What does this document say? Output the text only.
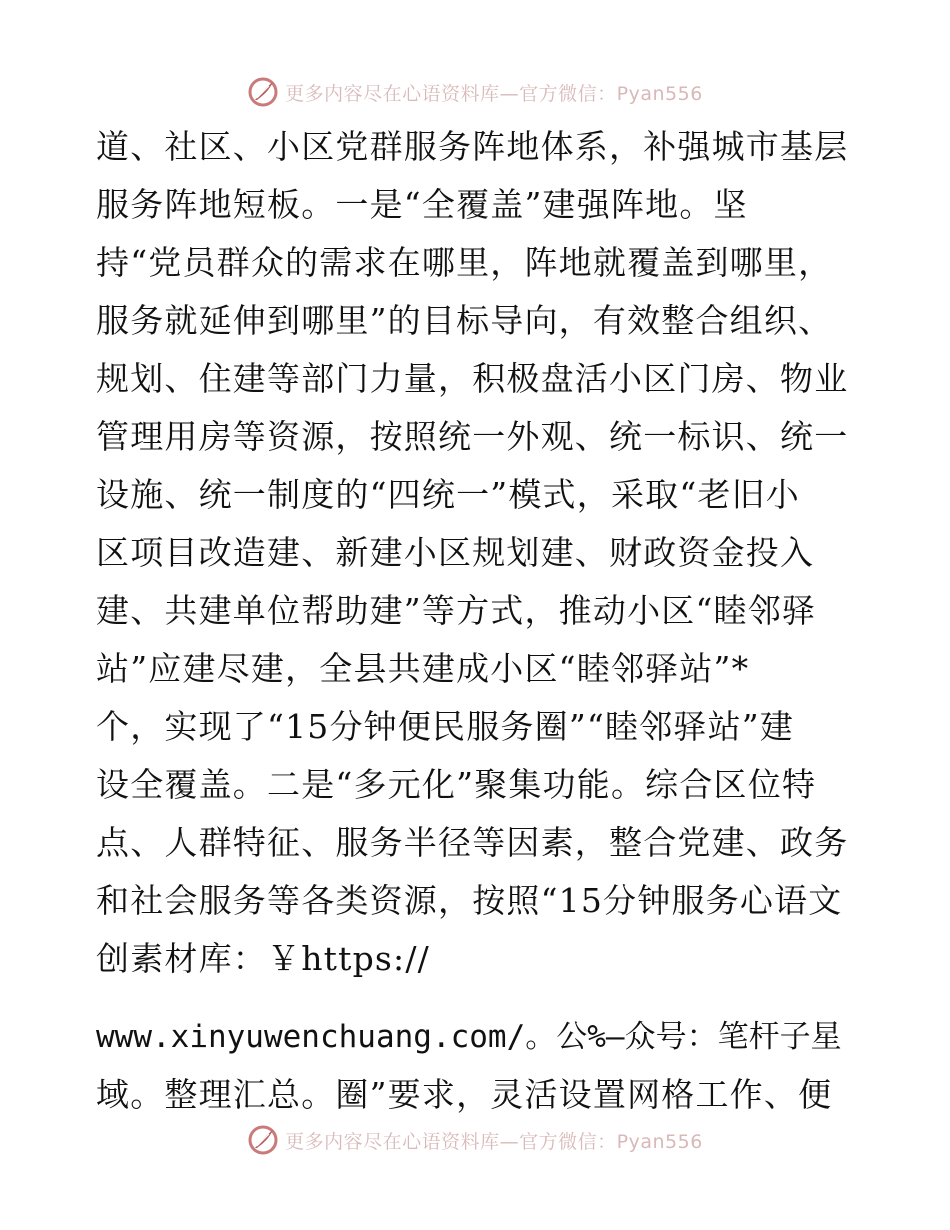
更多内容尽在心语资料库—官方微信：Pyan556
道、社区、小区党群服务阵地体系，补强城市基层
服务阵地短板。一是“全覆盖”建强阵地。坚
持“党员群众的需求在哪里，阵地就覆盖到哪里，
服务就延伸到哪里”的目标导向，有效整合组织、
规划、住建等部门力量，积极盘活小区门房、物业
管理用房等资源，按照统一外观、统一标识、统一
设施、统一制度的“四统一”模式，采取“老旧小
区项目改造建、新建小区规划建、财政资金投入
建、共建单位帮助建”等方式，推动小区“睦邻驿
站”应建尽建，全县共建成小区“睦邻驿站”*
个，实现了“15分钟便民服务圈”“睦邻驿站”建
设全覆盖。二是“多元化”聚集功能。综合区位特
点、人群特征、服务半径等因素，整合党建、政务
和社会服务等各类资源，按照“15分钟服务心语文
创素材库：￥https://
www.xinyuwenchuang.com/。公%—众号：笔杆子星
域。整理汇总。圈”要求，灵活设置网格工作、便
更多内容尽在心语资料库—官方微信：Pyan556
